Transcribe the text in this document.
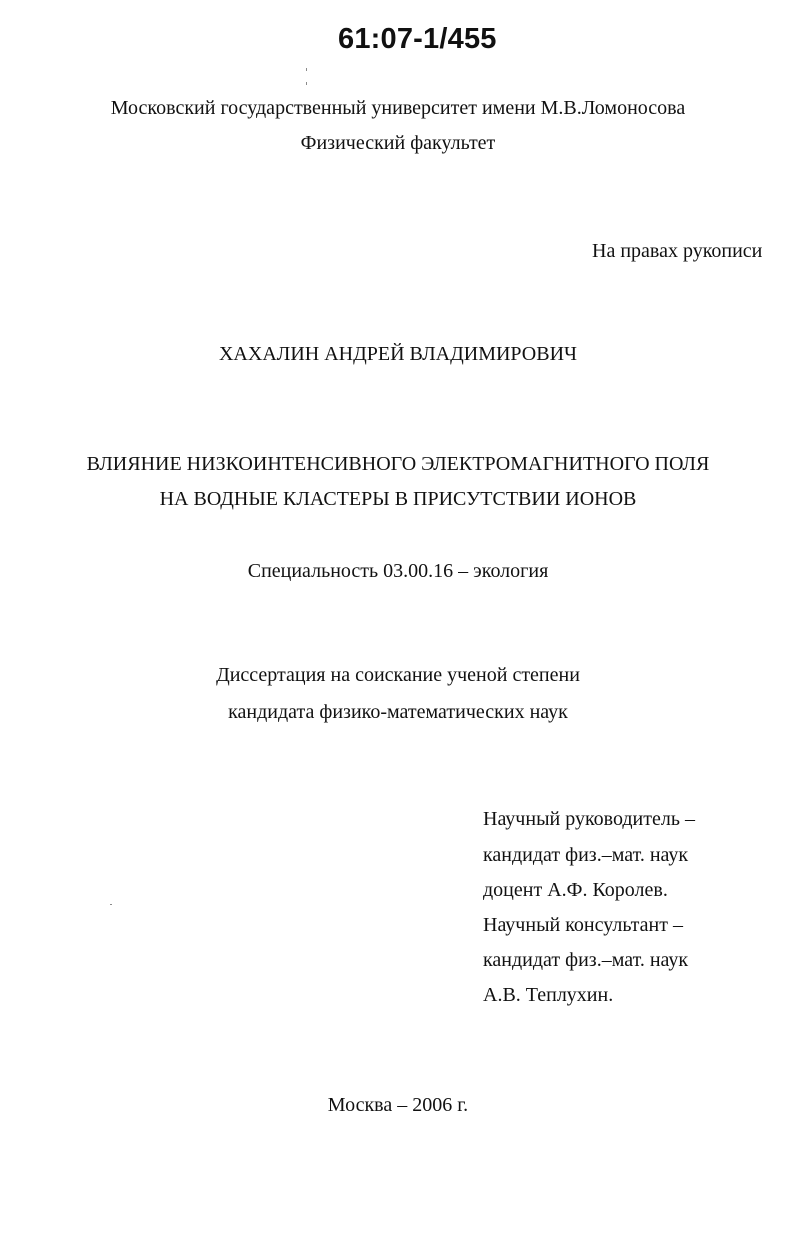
61:07-1/455
Московский государственный университет имени М.В.Ломоносова
Физический факультет
На правах рукописи
ХАХАЛИН АНДРЕЙ ВЛАДИМИРОВИЧ
ВЛИЯНИЕ НИЗКОИНТЕНСИВНОГО ЭЛЕКТРОМАГНИТНОГО ПОЛЯ
НА ВОДНЫЕ КЛАСТЕРЫ В ПРИСУТСТВИИ ИОНОВ
Специальность 03.00.16 – экология
Диссертация на соискание ученой степени
кандидата физико-математических наук
Научный руководитель –
кандидат физ.–мат. наук
доцент А.Ф. Королев.
Научный консультант –
кандидат физ.–мат. наук
А.В. Теплухин.
Москва – 2006 г.
